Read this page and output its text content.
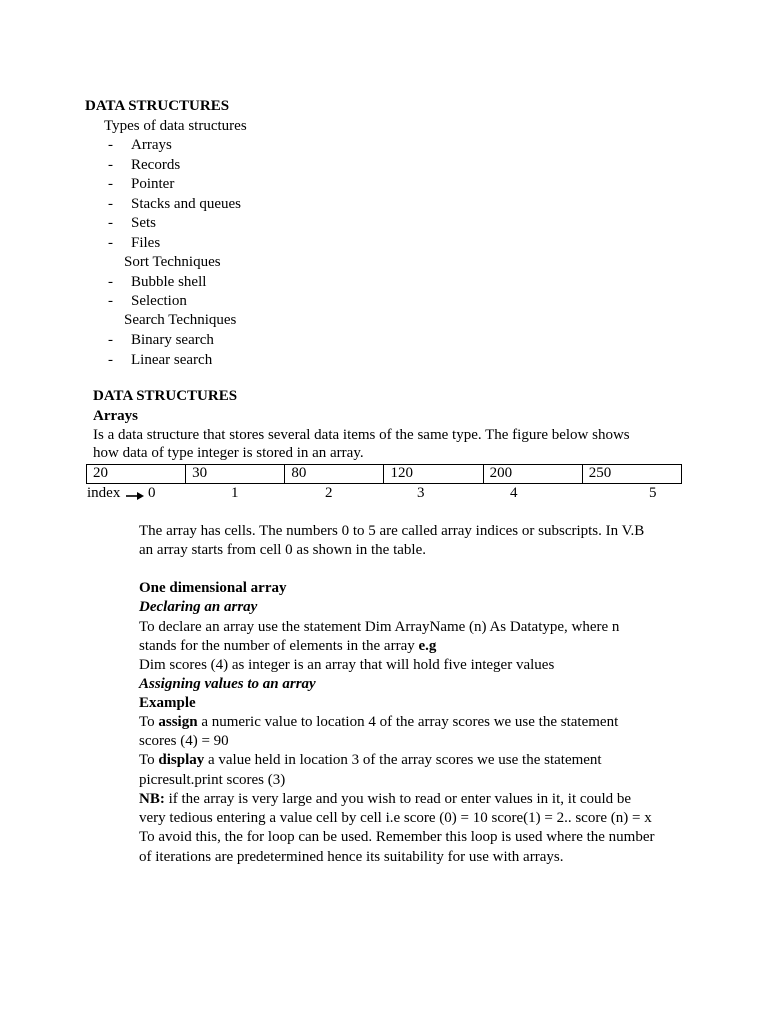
DATA STRUCTURES
Types of data structures
- Arrays
- Records
- Pointer
- Stacks and queues
- Sets
- Files
Sort Techniques
- Bubble shell
- Selection
Search Techniques
- Binary search
- Linear search
DATA STRUCTURES
Arrays
Is a data structure that stores several data items of the same type. The figure below shows
how data of type integer is stored in an array.
20	30	80	120	200	250
index 0	1	2	3	4	5
The array has cells. The numbers 0 to 5 are called array indices or subscripts. In V.B
an array starts from cell 0 as shown in the table.
One dimensional array
Declaring an array
To declare an array use the statement Dim ArrayName (n) As Datatype, where n
stands for the number of elements in the array e.g
Dim scores (4) as integer is an array that will hold five integer values
Assigning values to an array
Example
To assign a numeric value to location 4 of the array scores we use the statement
scores (4) = 90
To display a value held in location 3 of the array scores we use the statement
picresult.print scores (3)
NB: if the array is very large and you wish to read or enter values in it, it could be
very tedious entering a value cell by cell i.e score (0) = 10 score(1) = 2.. score (n) = x
To avoid this, the for loop can be used. Remember this loop is used where the number
of iterations are predetermined hence its suitability for use with arrays.
